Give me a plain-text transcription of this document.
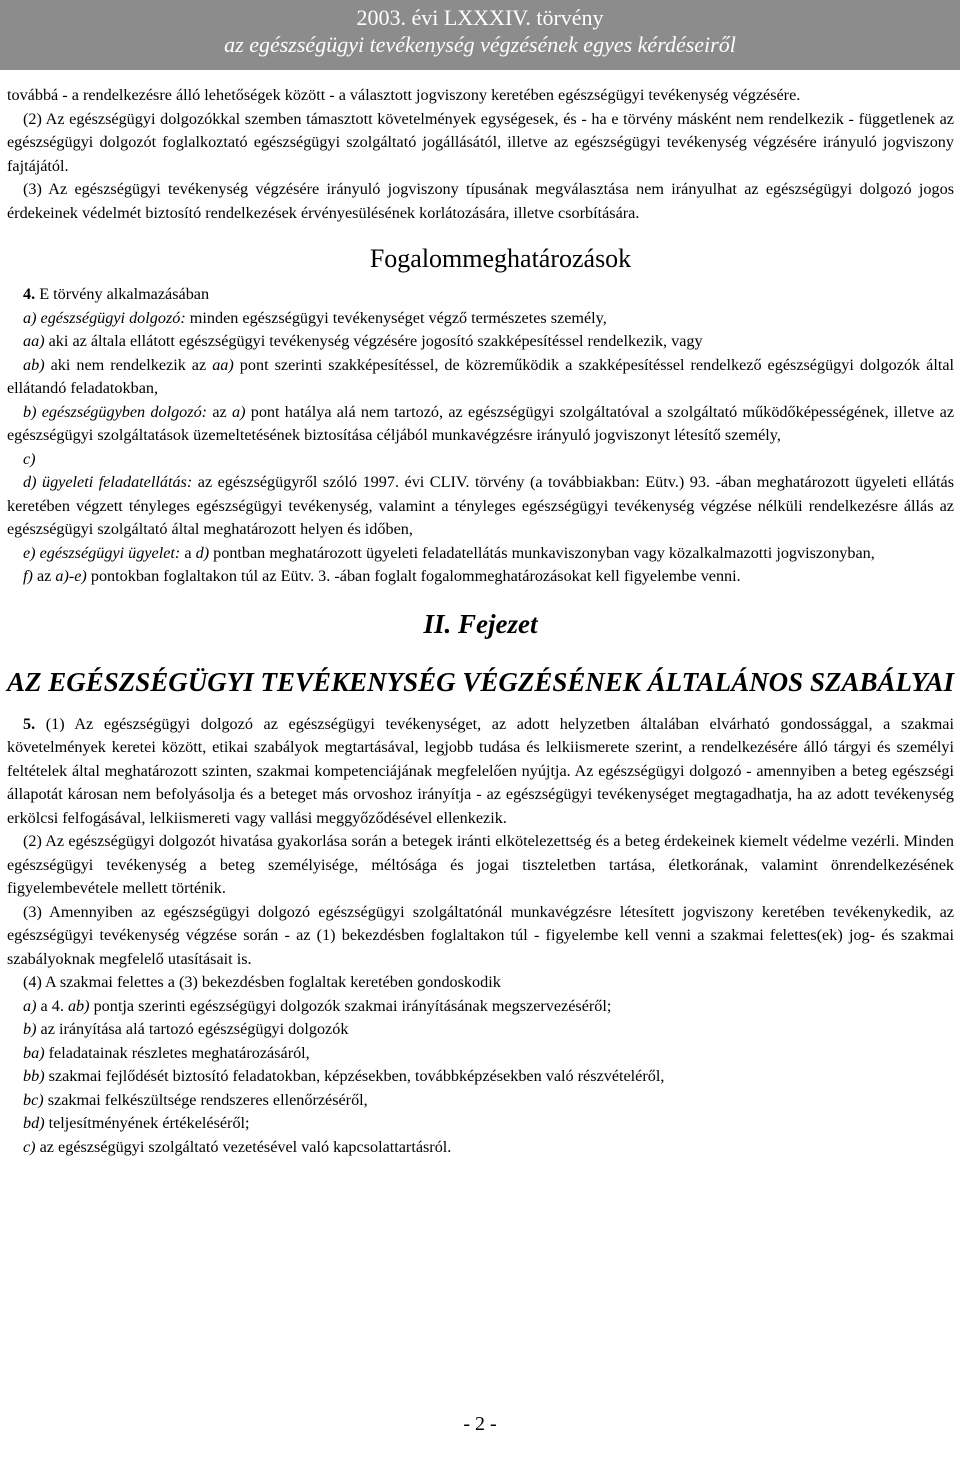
2003. évi LXXXIV. törvény
az egészségügyi tevékenység végzésének egyes kérdéseiről

továbbá - a rendelkezésre álló lehetőségek között - a választott jogviszony keretében egészségügyi tevékenység végzésére.

(2) Az egészségügyi dolgozókkal szemben támasztott követelmények egységesek, és - ha e törvény másként nem rendelkezik - függetlenek az egészségügyi dolgozót foglalkoztató egészségügyi szolgáltató jogállásától, illetve az egészségügyi tevékenység végzésére irányuló jogviszony fajtájától.

(3) Az egészségügyi tevékenység végzésére irányuló jogviszony típusának megválasztása nem irányulhat az egészségügyi dolgozó jogos érdekeinek védelmét biztosító rendelkezések érvényesülésének korlátozására, illetve csorbítására.

Fogalommeghatározások

4. E törvény alkalmazásában

a) egészségügyi dolgozó: minden egészségügyi tevékenységet végző természetes személy,

aa) aki az általa ellátott egészségügyi tevékenység végzésére jogosító szakképesítéssel rendelkezik, vagy

ab) aki nem rendelkezik az aa) pont szerinti szakképesítéssel, de közreműködik a szakképesítéssel rendelkező egészségügyi dolgozók által ellátandó feladatokban,

b) egészségügyben dolgozó: az a) pont hatálya alá nem tartozó, az egészségügyi szolgáltatóval a szolgáltató működőképességének, illetve az egészségügyi szolgáltatások üzemeltetésének biztosítása céljából munkavégzésre irányuló jogviszonyt létesítő személy,

c)

d) ügyeleti feladatellátás: az egészségügyről szóló 1997. évi CLIV. törvény (a továbbiakban: Eütv.) 93. -ában meghatározott ügyeleti ellátás keretében végzett tényleges egészségügyi tevékenység, valamint a tényleges egészségügyi tevékenység végzése nélküli rendelkezésre állás az egészségügyi szolgáltató által meghatározott helyen és időben,

e) egészségügyi ügyelet: a d) pontban meghatározott ügyeleti feladatellátás munkaviszonyban vagy közalkalmazotti jogviszonyban,

f) az a)-e) pontokban foglaltakon túl az Eütv. 3. -ában foglalt fogalommeghatározásokat kell figyelembe venni.

II. Fejezet
AZ EGÉSZSÉGÜGYI TEVÉKENYSÉG VÉGZÉSÉNEK ÁLTALÁNOS SZABÁLYAI

5. (1) Az egészségügyi dolgozó az egészségügyi tevékenységet, az adott helyzetben általában elvárható gondossággal, a szakmai követelmények keretei között, etikai szabályok megtartásával, legjobb tudása és lelkiismerete szerint, a rendelkezésére álló tárgyi és személyi feltételek által meghatározott szinten, szakmai kompetenciájának megfelelően nyújtja. Az egészségügyi dolgozó - amennyiben a beteg egészségi állapotát károsan nem befolyásolja és a beteget más orvoshoz irányítja - az egészségügyi tevékenységet megtagadhatja, ha az adott tevékenység erkölcsi felfogásával, lelkiismereti vagy vallási meggyőződésével ellenkezik.

(2) Az egészségügyi dolgozót hivatása gyakorlása során a betegek iránti elkötelezettség és a beteg érdekeinek kiemelt védelme vezérli. Minden egészségügyi tevékenység a beteg személyisége, méltósága és jogai tiszteletben tartása, életkorának, valamint önrendelkezésének figyelembevétele mellett történik.

(3) Amennyiben az egészségügyi dolgozó egészségügyi szolgáltatónál munkavégzésre létesített jogviszony keretében tevékenykedik, az egészségügyi tevékenység végzése során - az (1) bekezdésben foglaltakon túl - figyelembe kell venni a szakmai felettes(ek) jog- és szakmai szabályoknak megfelelő utasításait is.

(4) A szakmai felettes a (3) bekezdésben foglaltak keretében gondoskodik

a) a 4. ab) pontja szerinti egészségügyi dolgozók szakmai irányításának megszervezéséről;

b) az irányítása alá tartozó egészségügyi dolgozók

ba) feladatainak részletes meghatározásáról,

bb) szakmai fejlődését biztosító feladatokban, képzésekben, továbbképzésekben való részvételéről,

bc) szakmai felkészültsége rendszeres ellenőrzéséről,

bd) teljesítményének értékeléséről;

c) az egészségügyi szolgáltató vezetésével való kapcsolattartásról.

- 2 -
